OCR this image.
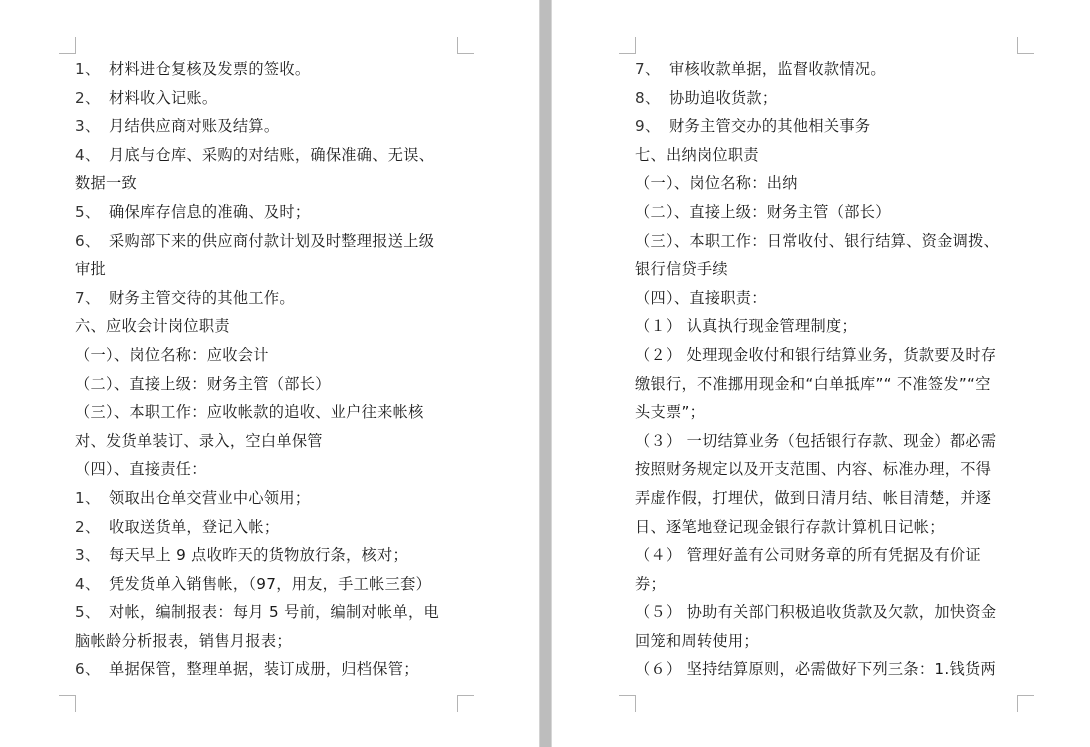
1、 材料进仓复核及发票的签收。
2、 材料收入记账。
3、 月结供应商对账及结算。
4、 月底与仓库、采购的对结账，确保准确、无误、
数据一致
5、 确保库存信息的准确、及时；
6、 采购部下来的供应商付款计划及时整理报送上级
审批
7、 财务主管交待的其他工作。
六、应收会计岗位职责
（一）、岗位名称：应收会计
（二）、直接上级：财务主管（部长）
（三）、本职工作：应收帐款的追收、业户往来帐核
对、发货单装订、录入，空白单保管
（四）、直接责任：
1、 领取出仓单交营业中心领用；
2、 收取送货单，登记入帐；
3、 每天早上 9 点收昨天的货物放行条，核对；
4、 凭发货单入销售帐，（97，用友，手工帐三套）
5、 对帐，编制报表：每月 5 号前，编制对帐单，电
脑帐龄分析报表，销售月报表；
6、 单据保管，整理单据，装订成册，归档保管；
7、 审核收款单据，监督收款情况。
8、 协助追收货款；
9、 财务主管交办的其他相关事务
七、出纳岗位职责
（一）、岗位名称：出纳
（二）、直接上级：财务主管（部长）
（三）、本职工作：日常收付、银行结算、资金调拨、
银行信贷手续
（四）、直接职责：
（１） 认真执行现金管理制度；
（２） 处理现金收付和银行结算业务，货款要及时存
缴银行，不准挪用现金和“白单抵库”“ 不准签发”“空
头支票”；
（３） 一切结算业务（包括银行存款、现金）都必需
按照财务规定以及开支范围、内容、标准办理，不得
弄虚作假，打埋伏，做到日清月结、帐目清楚，并逐
日、逐笔地登记现金银行存款计算机日记帐；
（４） 管理好盖有公司财务章的所有凭据及有价证
券；
（５） 协助有关部门积极追收货款及欠款，加快资金
回笼和周转使用；
（６） 坚持结算原则，必需做好下列三条：1.钱货两
